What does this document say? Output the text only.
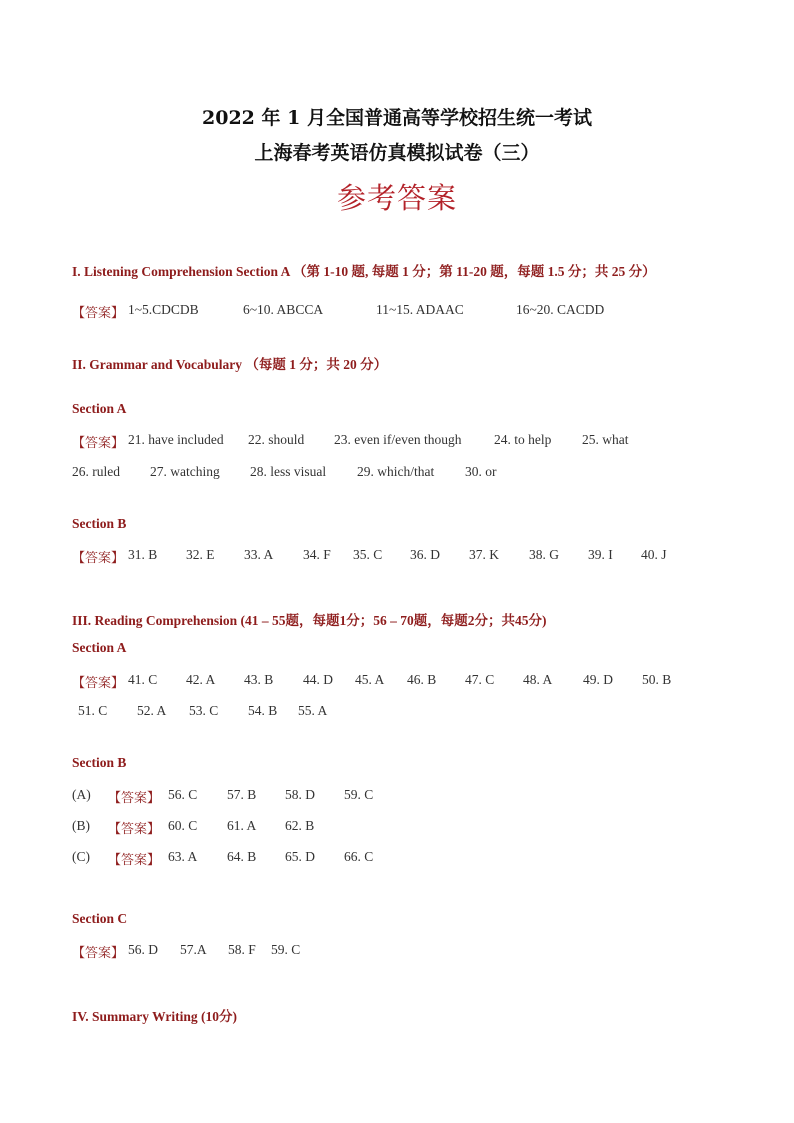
2022 年 1 月全国普通高等学校招生统一考试
上海春考英语仿真模拟试卷（三）
参考答案
I. Listening Comprehension Section A （第 1-10 题, 每题 1 分；第 11-20 题，每题 1.5 分；共 25 分）
【答案】 1~5.CDCDB	6~10. ABCCA	11~15. ADAAC	16~20. CACDD
II. Grammar and Vocabulary （每题 1 分；共 20 分）
Section A
【答案】 21. have included 22. should 23. even if/even though 24. to help 25. what
26. ruled 27. watching 28. less visual 29. which/that 30. or
Section B
【答案】 31. B 32. E 33. A 34. F 35. C 36. D 37. K 38. G 39. I 40. J
III. Reading Comprehension (41 – 55题，每题1分；56 – 70题，每题2分；共45分)
Section A
【答案】 41. C 42. A 43. B 44. D 45. A 46. B 47. C 48. A 49. D 50. B
51. C 52. A 53. C 54. B 55. A
Section B
(A) 【答案】 56. C 57. B 58. D 59. C
(B) 【答案】 60. C 61. A 62. B
(C) 【答案】 63. A 64. B 65. D 66. C
Section C
【答案】 56. D 57.A 58. F 59. C
IV. Summary Writing (10分)
